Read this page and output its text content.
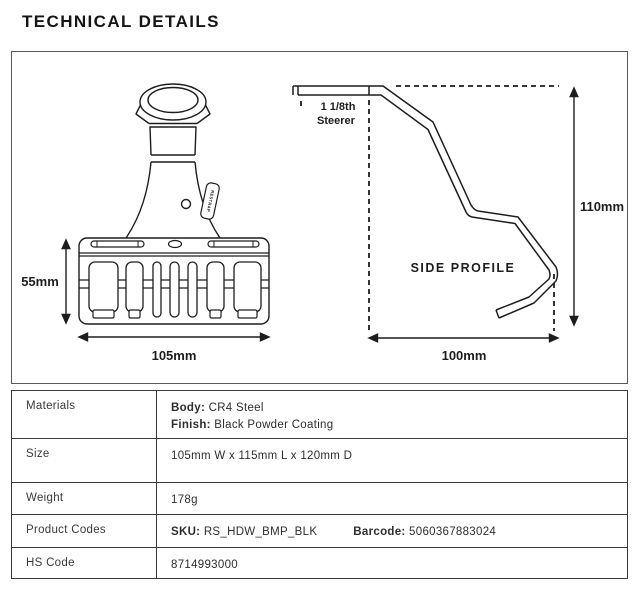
TECHNICAL DETAILS
RESTRAP
55mm
105mm
1 1/8th
Steerer
SIDE PROFILE
100mm
110mm
Materials	Body: CR4 Steel
Finish: Black Powder Coating
Size	105mm W x 115mm L x 120mm D
Weight	178g
Product Codes	SKU: RS_HDW_BMP_BLK	Barcode: 5060367883024
HS Code	8714993000
